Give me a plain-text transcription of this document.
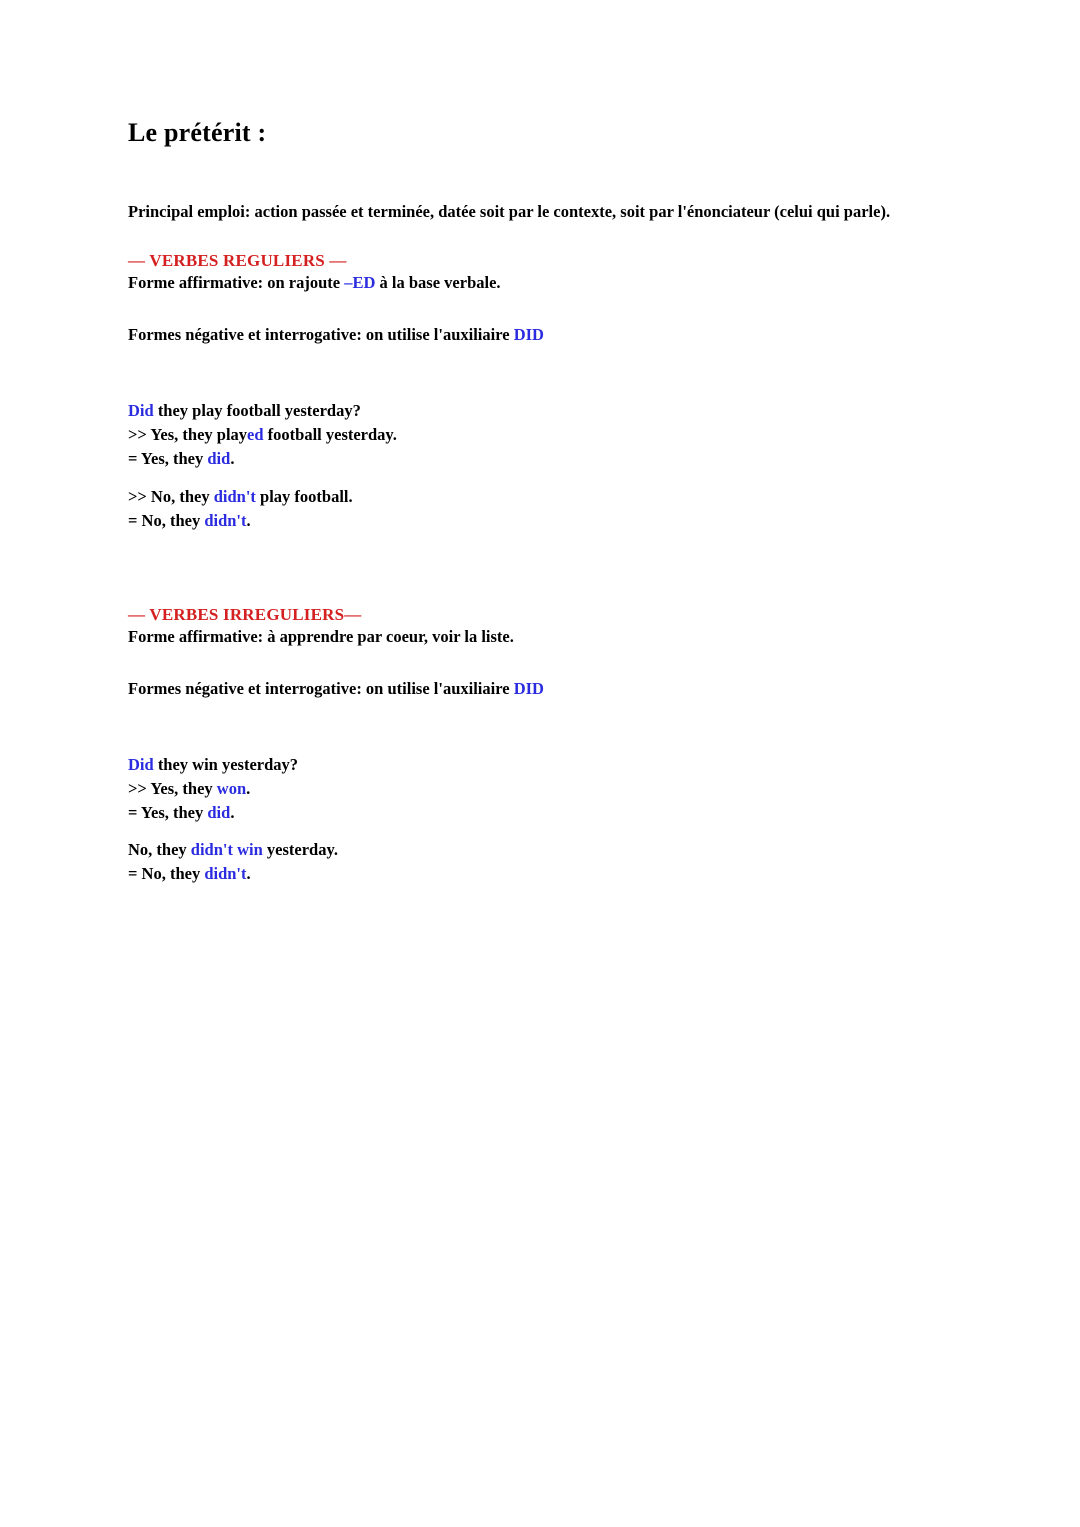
Le prétérit :

Principal emploi: action passée et terminée, datée soit par le contexte, soit par l'énonciateur (celui qui parle).

— VERBES REGULIERS —

Forme affirmative: on rajoute –ED à la base verbale.

Formes négative et interrogative: on utilise l'auxiliaire DID

Did they play football yesterday?

>> Yes, they played football yesterday.

= Yes, they did.

>> No, they didn't play football.

= No, they didn't.

— VERBES IRREGULIERS—

Forme affirmative: à apprendre par coeur, voir la liste.

Formes négative et interrogative: on utilise l'auxiliaire DID

Did they win yesterday?

>> Yes, they won.

= Yes, they did.

No, they didn't win yesterday.

= No, they didn't.
